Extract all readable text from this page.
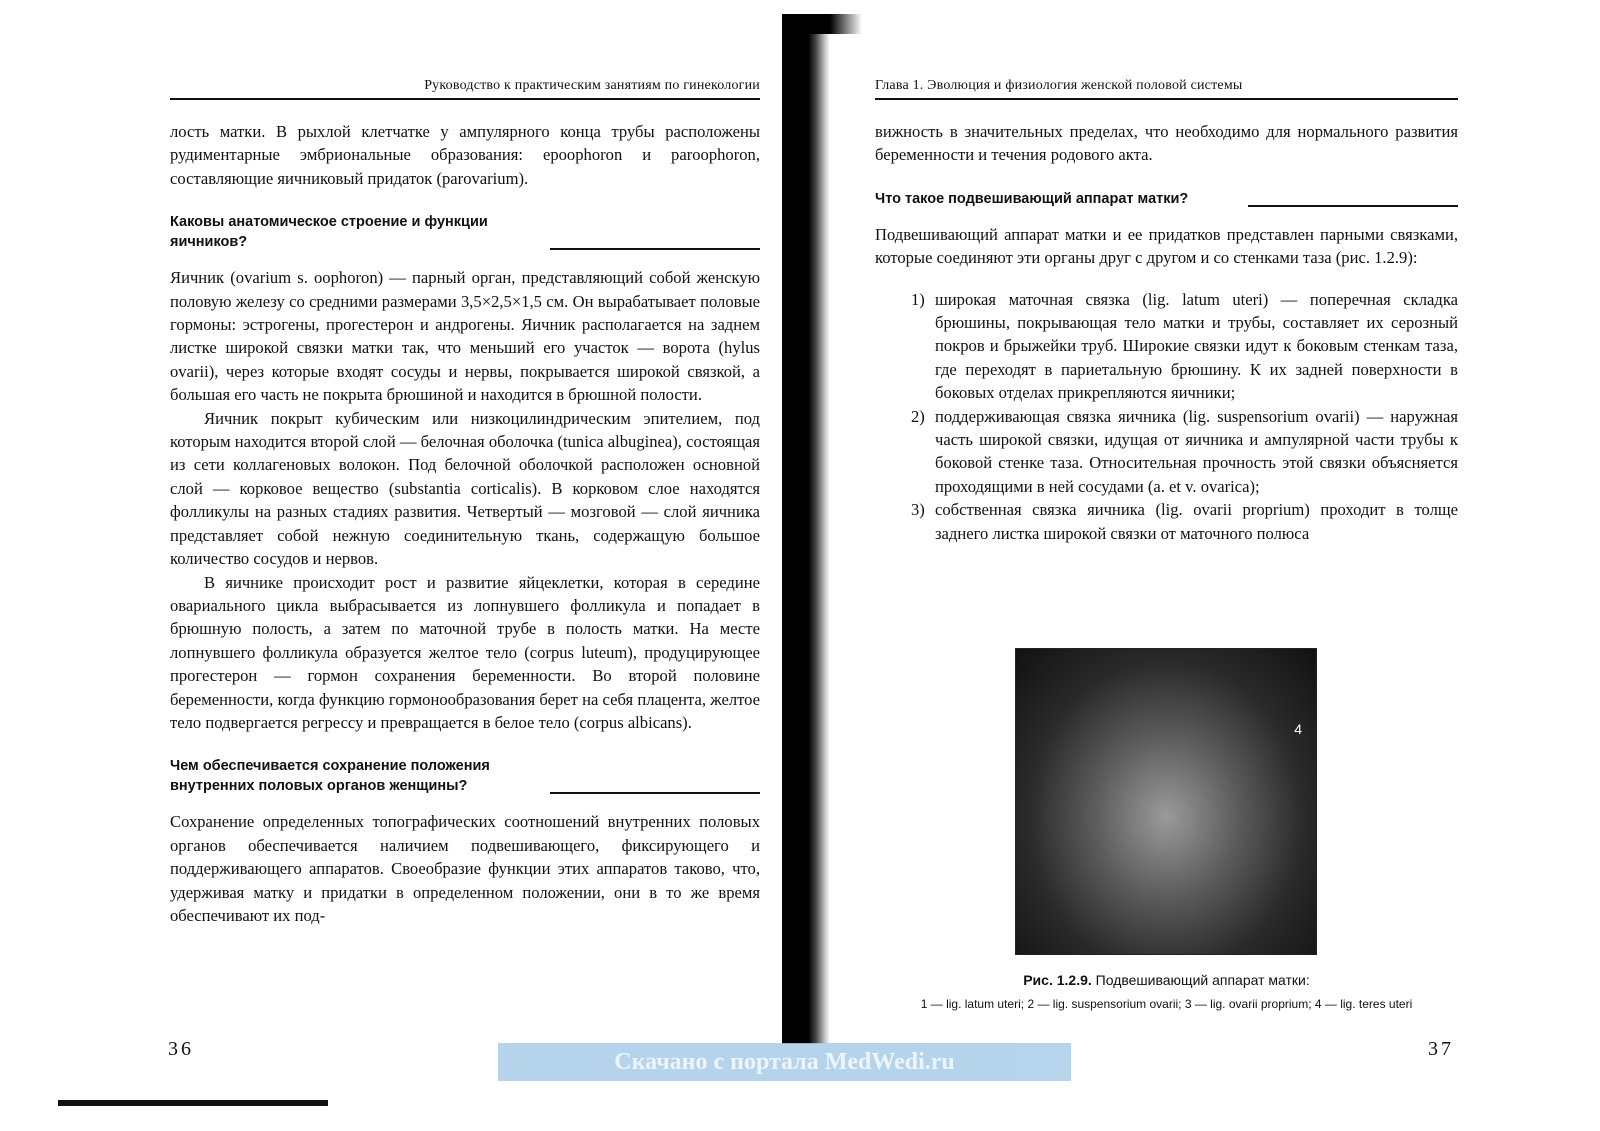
Руководство к практическим занятиям по гинекологии

лость матки. В рыхлой клетчатке у ампулярного конца трубы расположены рудиментарные эмбриональные образования: epoophoron и paroophoron, составляющие яичниковый придаток (parovarium).

Каковы анатомическое строение и функции яичников?

Яичник (ovarium s. oophoron) — парный орган, представляющий собой женскую половую железу со средними размерами 3,5×2,5×1,5 см. Он вырабатывает половые гормоны: эстрогены, прогестерон и андрогены. Яичник располагается на заднем листке широкой связки матки так, что меньший его участок — ворота (hylus ovarii), через которые входят сосуды и нервы, покрывается широкой связкой, а большая его часть не покрыта брюшиной и находится в брюшной полости.

Яичник покрыт кубическим или низкоцилиндрическим эпителием, под которым находится второй слой — белочная оболочка (tunica albuginea), состоящая из сети коллагеновых волокон. Под белочной оболочкой расположен основной слой — корковое вещество (substantia corticalis). В корковом слое находятся фолликулы на разных стадиях развития. Четвертый — мозговой — слой яичника представляет собой нежную соединительную ткань, содержащую большое количество сосудов и нервов.

В яичнике происходит рост и развитие яйцеклетки, которая в середине овариального цикла выбрасывается из лопнувшего фолликула и попадает в брюшную полость, а затем по маточной трубе в полость матки. На месте лопнувшего фолликула образуется желтое тело (corpus luteum), продуцирующее прогестерон — гормон сохранения беременности. Во второй половине беременности, когда функцию гормонообразования берет на себя плацента, желтое тело подвергается регрессу и превращается в белое тело (corpus albicans).

Чем обеспечивается сохранение положения внутренних половых органов женщины?

Сохранение определенных топографических соотношений внутренних половых органов обеспечивается наличием подвешивающего, фиксирующего и поддерживающего аппаратов. Своеобразие функции этих аппаратов таково, что, удерживая матку и придатки в определенном положении, они в то же время обеспечивают их под-

36
Глава 1. Эволюция и физиология женской половой системы

вижность в значительных пределах, что необходимо для нормального развития беременности и течения родового акта.

Что такое подвешивающий аппарат матки?

Подвешивающий аппарат матки и ее придатков представлен парными связками, которые соединяют эти органы друг с другом и со стенками таза (рис. 1.2.9):

1) широкая маточная связка (lig. latum uteri) — поперечная складка брюшины, покрывающая тело матки и трубы, составляет их серозный покров и брыжейки труб. Широкие связки идут к боковым стенкам таза, где переходят в париетальную брюшину. К их задней поверхности в боковых отделах прикрепляются яичники;
2) поддерживающая связка яичника (lig. suspensorium ovarii) — наружная часть широкой связки, идущая от яичника и ампулярной части трубы к боковой стенке таза. Относительная прочность этой связки объясняется проходящими в ней сосудами (a. et v. ovarica);
3) собственная связка яичника (lig. ovarii proprium) проходит в толще заднего листка широкой связки от маточного полюса
4
Рис. 1.2.9. Подвешивающий аппарат матки:
1 — lig. latum uteri; 2 — lig. suspensorium ovarii; 3 — lig. ovarii proprium; 4 — lig. teres uteri
37
Скачано с портала MedWedi.ru
